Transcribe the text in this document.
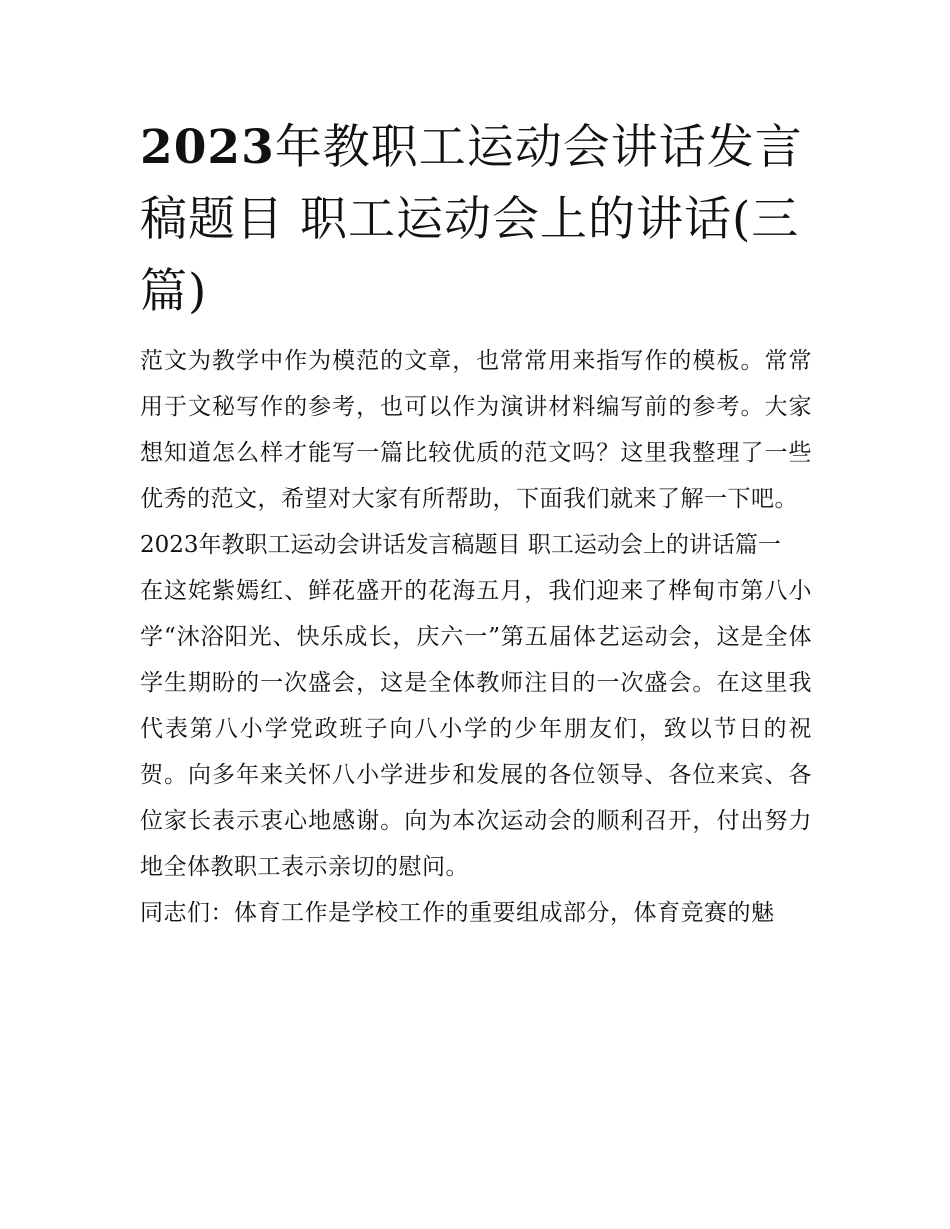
2023年教职工运动会讲话发言稿题目 职工运动会上的讲话(三篇)

范文为教学中作为模范的文章，也常常用来指写作的模板。常常用于文秘写作的参考，也可以作为演讲材料编写前的参考。大家想知道怎么样才能写一篇比较优质的范文吗？这里我整理了一些优秀的范文，希望对大家有所帮助，下面我们就来了解一下吧。

2023年教职工运动会讲话发言稿题目 职工运动会上的讲话篇一

在这姹紫嫣红、鲜花盛开的花海五月，我们迎来了桦甸市第八小学“沐浴阳光、快乐成长，庆六一”第五届体艺运动会，这是全体学生期盼的一次盛会，这是全体教师注目的一次盛会。在这里我代表第八小学党政班子向八小学的少年朋友们，致以节日的祝贺。向多年来关怀八小学进步和发展的各位领导、各位来宾、各位家长表示衷心地感谢。向为本次运动会的顺利召开，付出努力地全体教职工表示亲切的慰问。

同志们：体育工作是学校工作的重要组成部分，体育竞赛的魅
